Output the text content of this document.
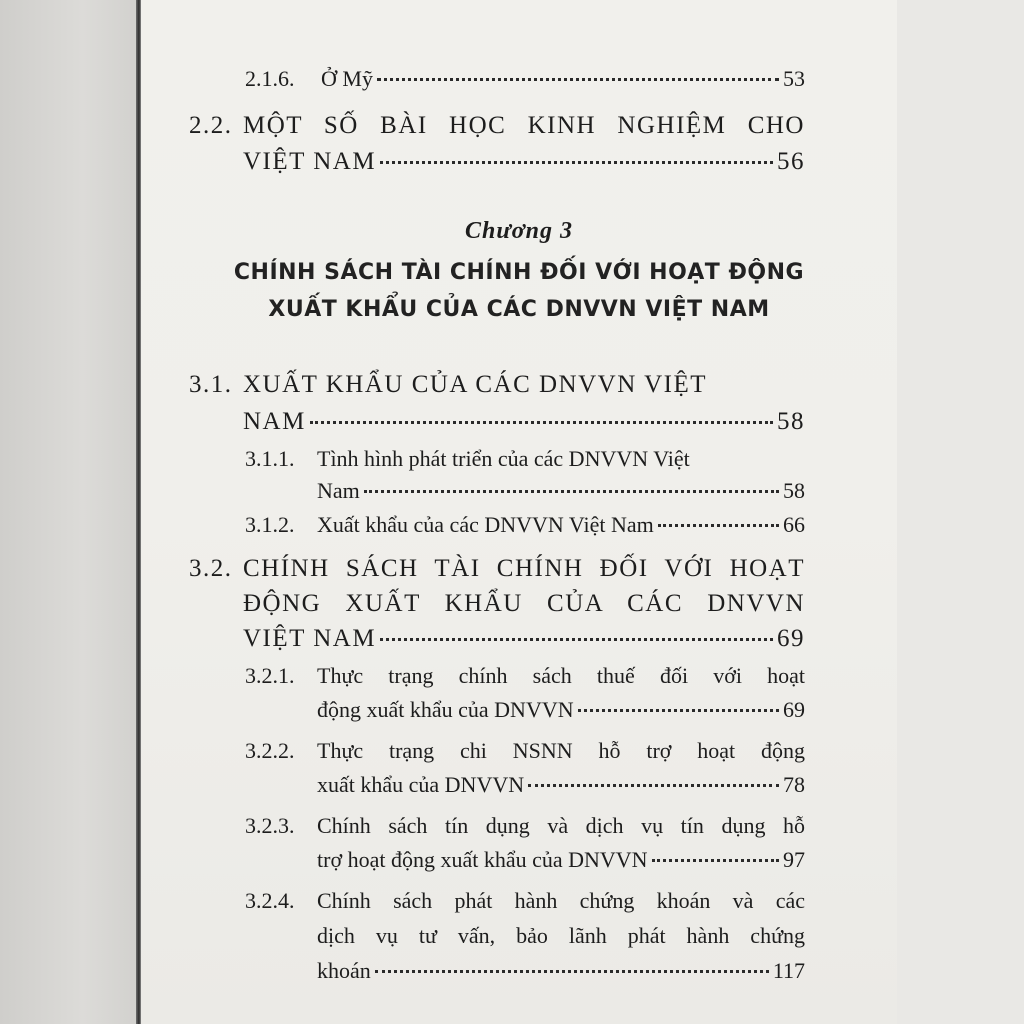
2.1.6.	Ở Mỹ	53
2.2. MỘT SỐ BÀI HỌC KINH NGHIỆM CHO
VIỆT NAM	56
Chương 3
CHÍNH SÁCH TÀI CHÍNH ĐỐI VỚI HOẠT ĐỘNG
XUẤT KHẨU CỦA CÁC DNVVN VIỆT NAM
3.1. XUẤT KHẨU CỦA CÁC DNVVN VIỆT
NAM	58
3.1.1.	Tình hình phát triển của các DNVVN Việt
Nam	58
3.1.2.	Xuất khẩu của các DNVVN Việt Nam	66
3.2. CHÍNH SÁCH TÀI CHÍNH ĐỐI VỚI HOẠT
ĐỘNG XUẤT KHẨU CỦA CÁC DNVVN
VIỆT NAM	69
3.2.1.	Thực trạng chính sách thuế đối với hoạt
động xuất khẩu của DNVVN	69
3.2.2.	Thực trạng chi NSNN hỗ trợ hoạt động
xuất khẩu của DNVVN	78
3.2.3.	Chính sách tín dụng và dịch vụ tín dụng hỗ
trợ hoạt động xuất khẩu của DNVVN	97
3.2.4.	Chính sách phát hành chứng khoán và các
dịch vụ tư vấn, bảo lãnh phát hành chứng
khoán	117
